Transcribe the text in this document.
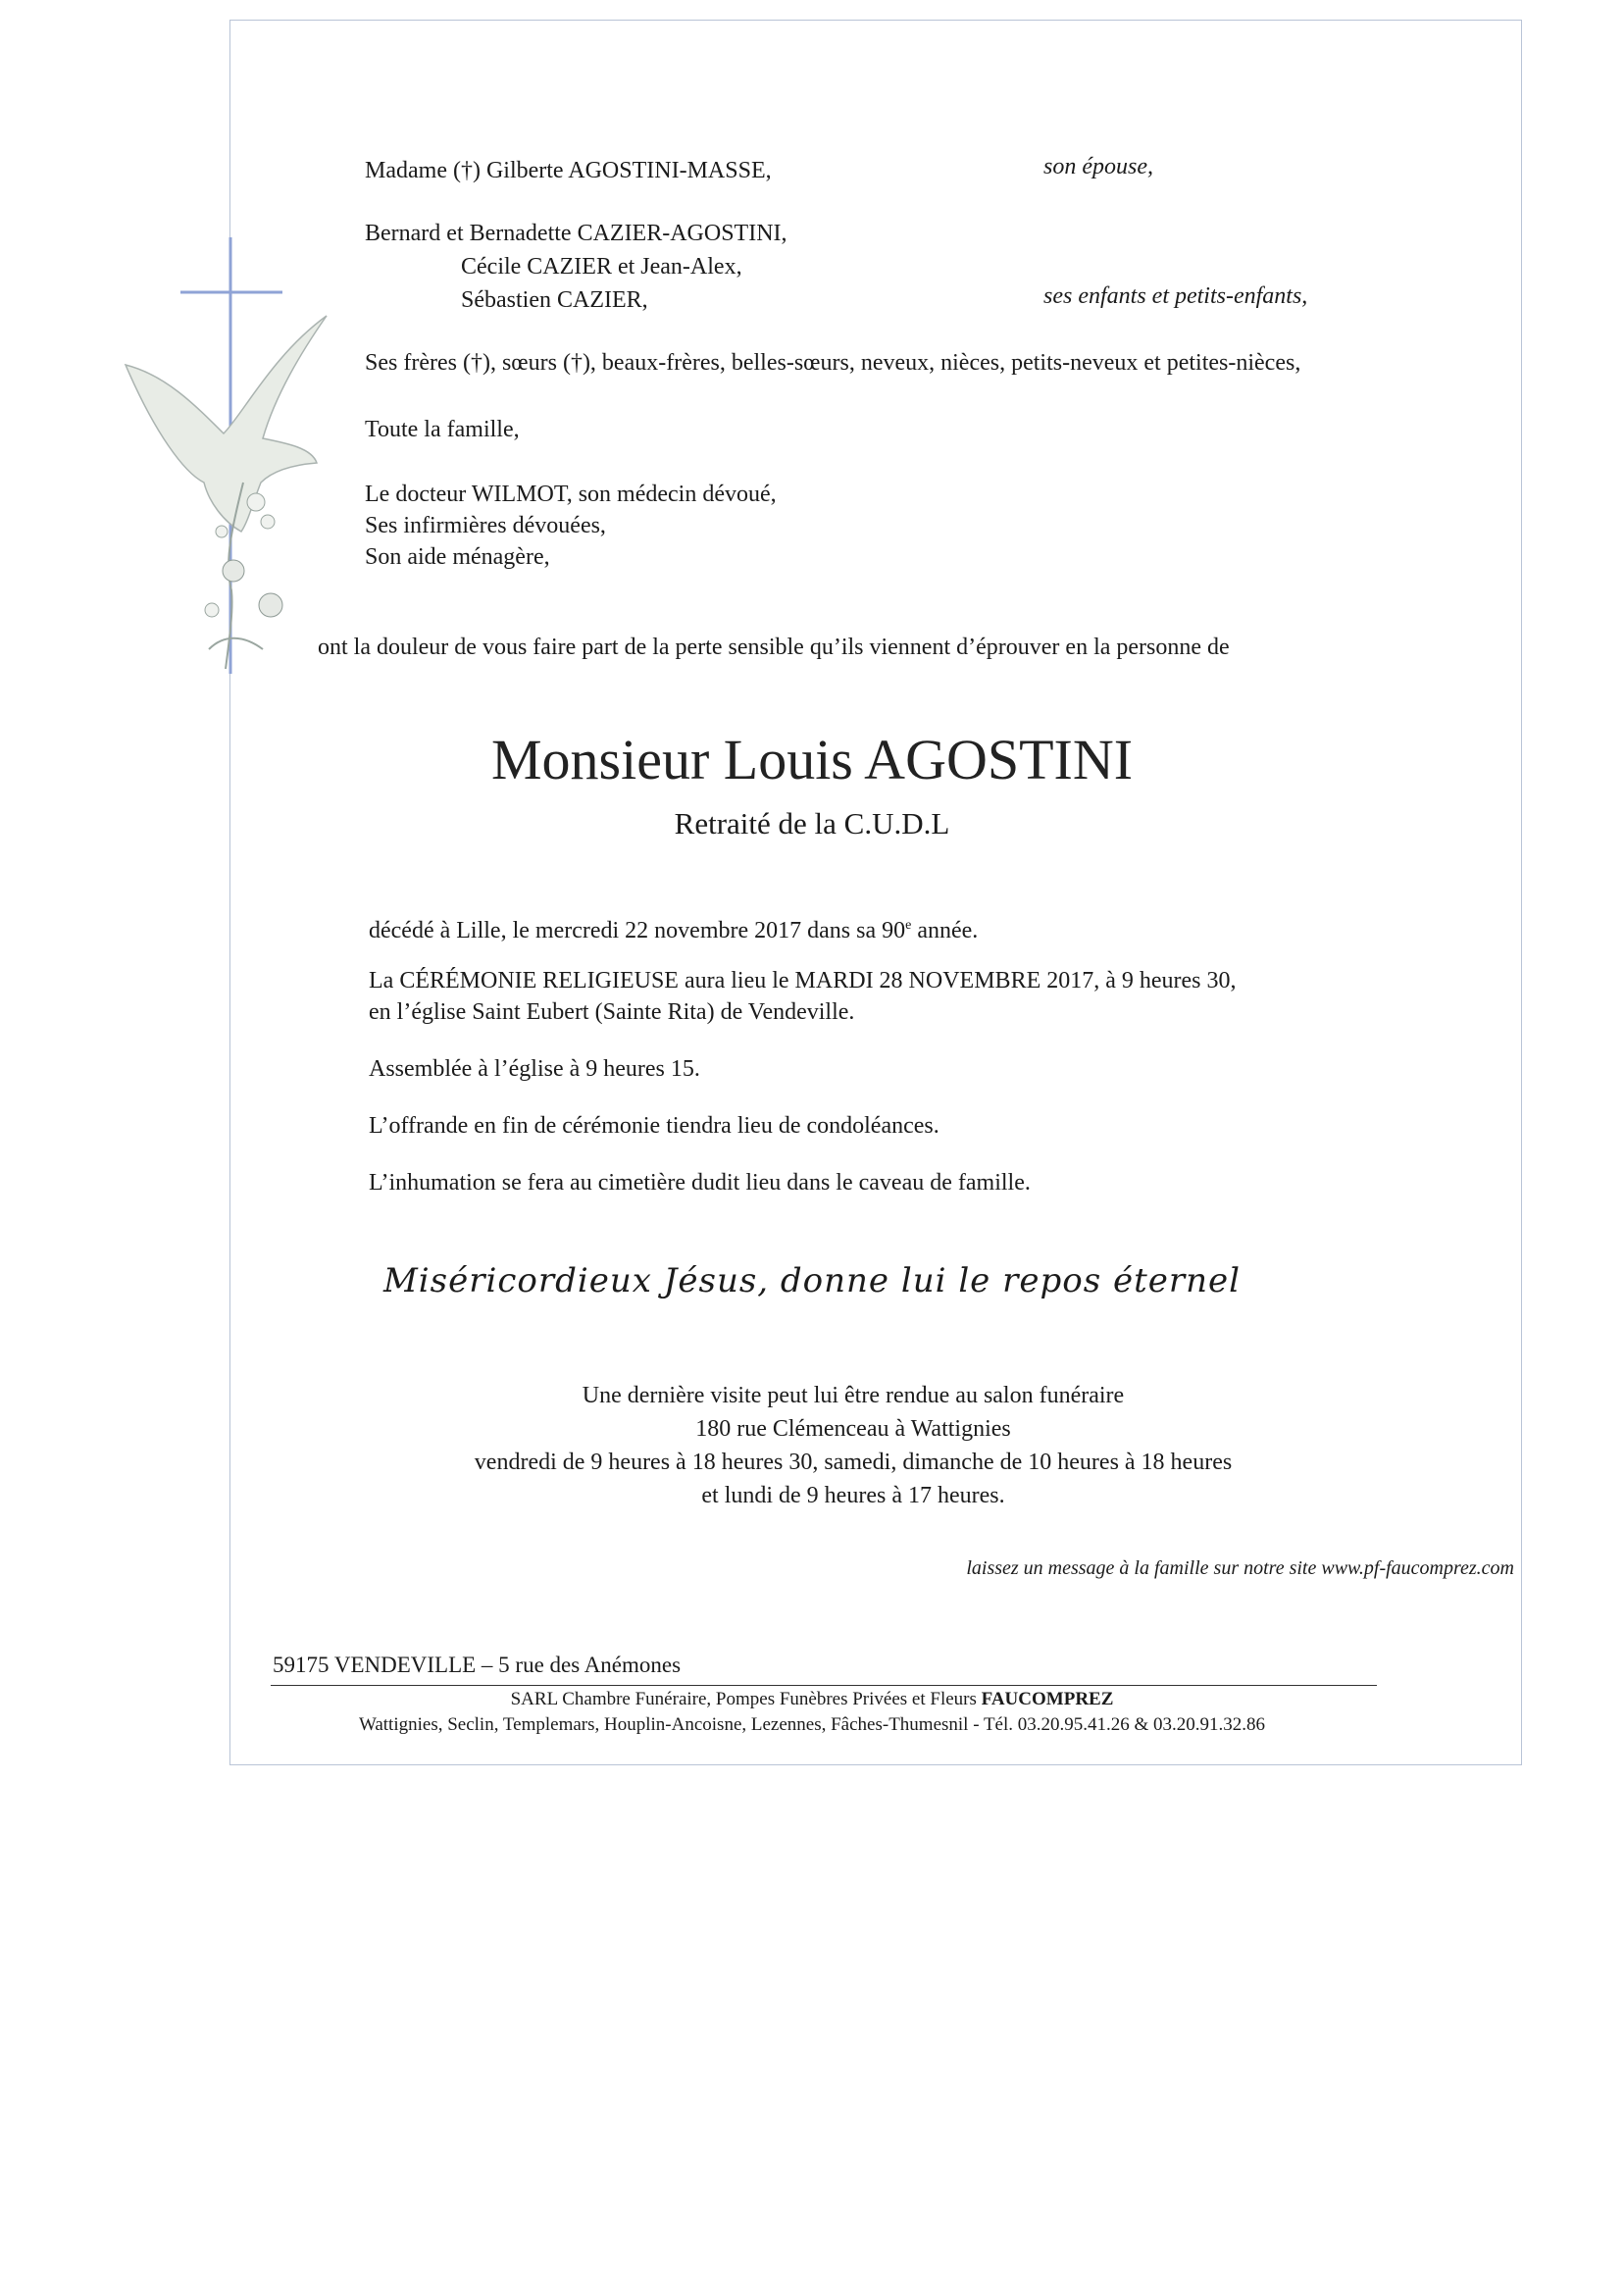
Madame (†) Gilberte AGOSTINI-MASSE,	son épouse,
Bernard et Bernadette CAZIER-AGOSTINI,
Cécile CAZIER et Jean-Alex,
Sébastien CAZIER,	ses enfants et petits-enfants,
Ses frères (†), sœurs (†), beaux-frères, belles-sœurs, neveux, nièces, petits-neveux et petites-nièces,
Toute la famille,
Le docteur WILMOT, son médecin dévoué,
Ses infirmières dévouées,
Son aide ménagère,
ont la douleur de vous faire part de la perte sensible qu’ils viennent d’éprouver en la personne de
Monsieur Louis AGOSTINI
Retraité de la C.U.D.L
décédé à Lille, le mercredi 22 novembre 2017 dans sa 90e année.
La CÉRÉMONIE RELIGIEUSE aura lieu le MARDI 28 NOVEMBRE 2017, à 9 heures 30,
en l’église Saint Eubert (Sainte Rita) de Vendeville.
Assemblée à l’église à 9 heures 15.
L’offrande en fin de cérémonie tiendra lieu de condoléances.
L’inhumation se fera au cimetière dudit lieu dans le caveau de famille.
Miséricordieux Jésus, donne lui le repos éternel
Une dernière visite peut lui être rendue au salon funéraire
180 rue Clémenceau à Wattignies
vendredi de 9 heures à 18 heures 30, samedi, dimanche de 10 heures à 18 heures
et lundi de 9 heures à 17 heures.
laissez un message à la famille sur notre site www.pf-faucomprez.com
59175 VENDEVILLE – 5 rue des Anémones
SARL Chambre Funéraire, Pompes Funèbres Privées et Fleurs FAUCOMPREZ
Wattignies, Seclin, Templemars, Houplin-Ancoisne, Lezennes, Fâches-Thumesnil - Tél. 03.20.95.41.26 & 03.20.91.32.86
